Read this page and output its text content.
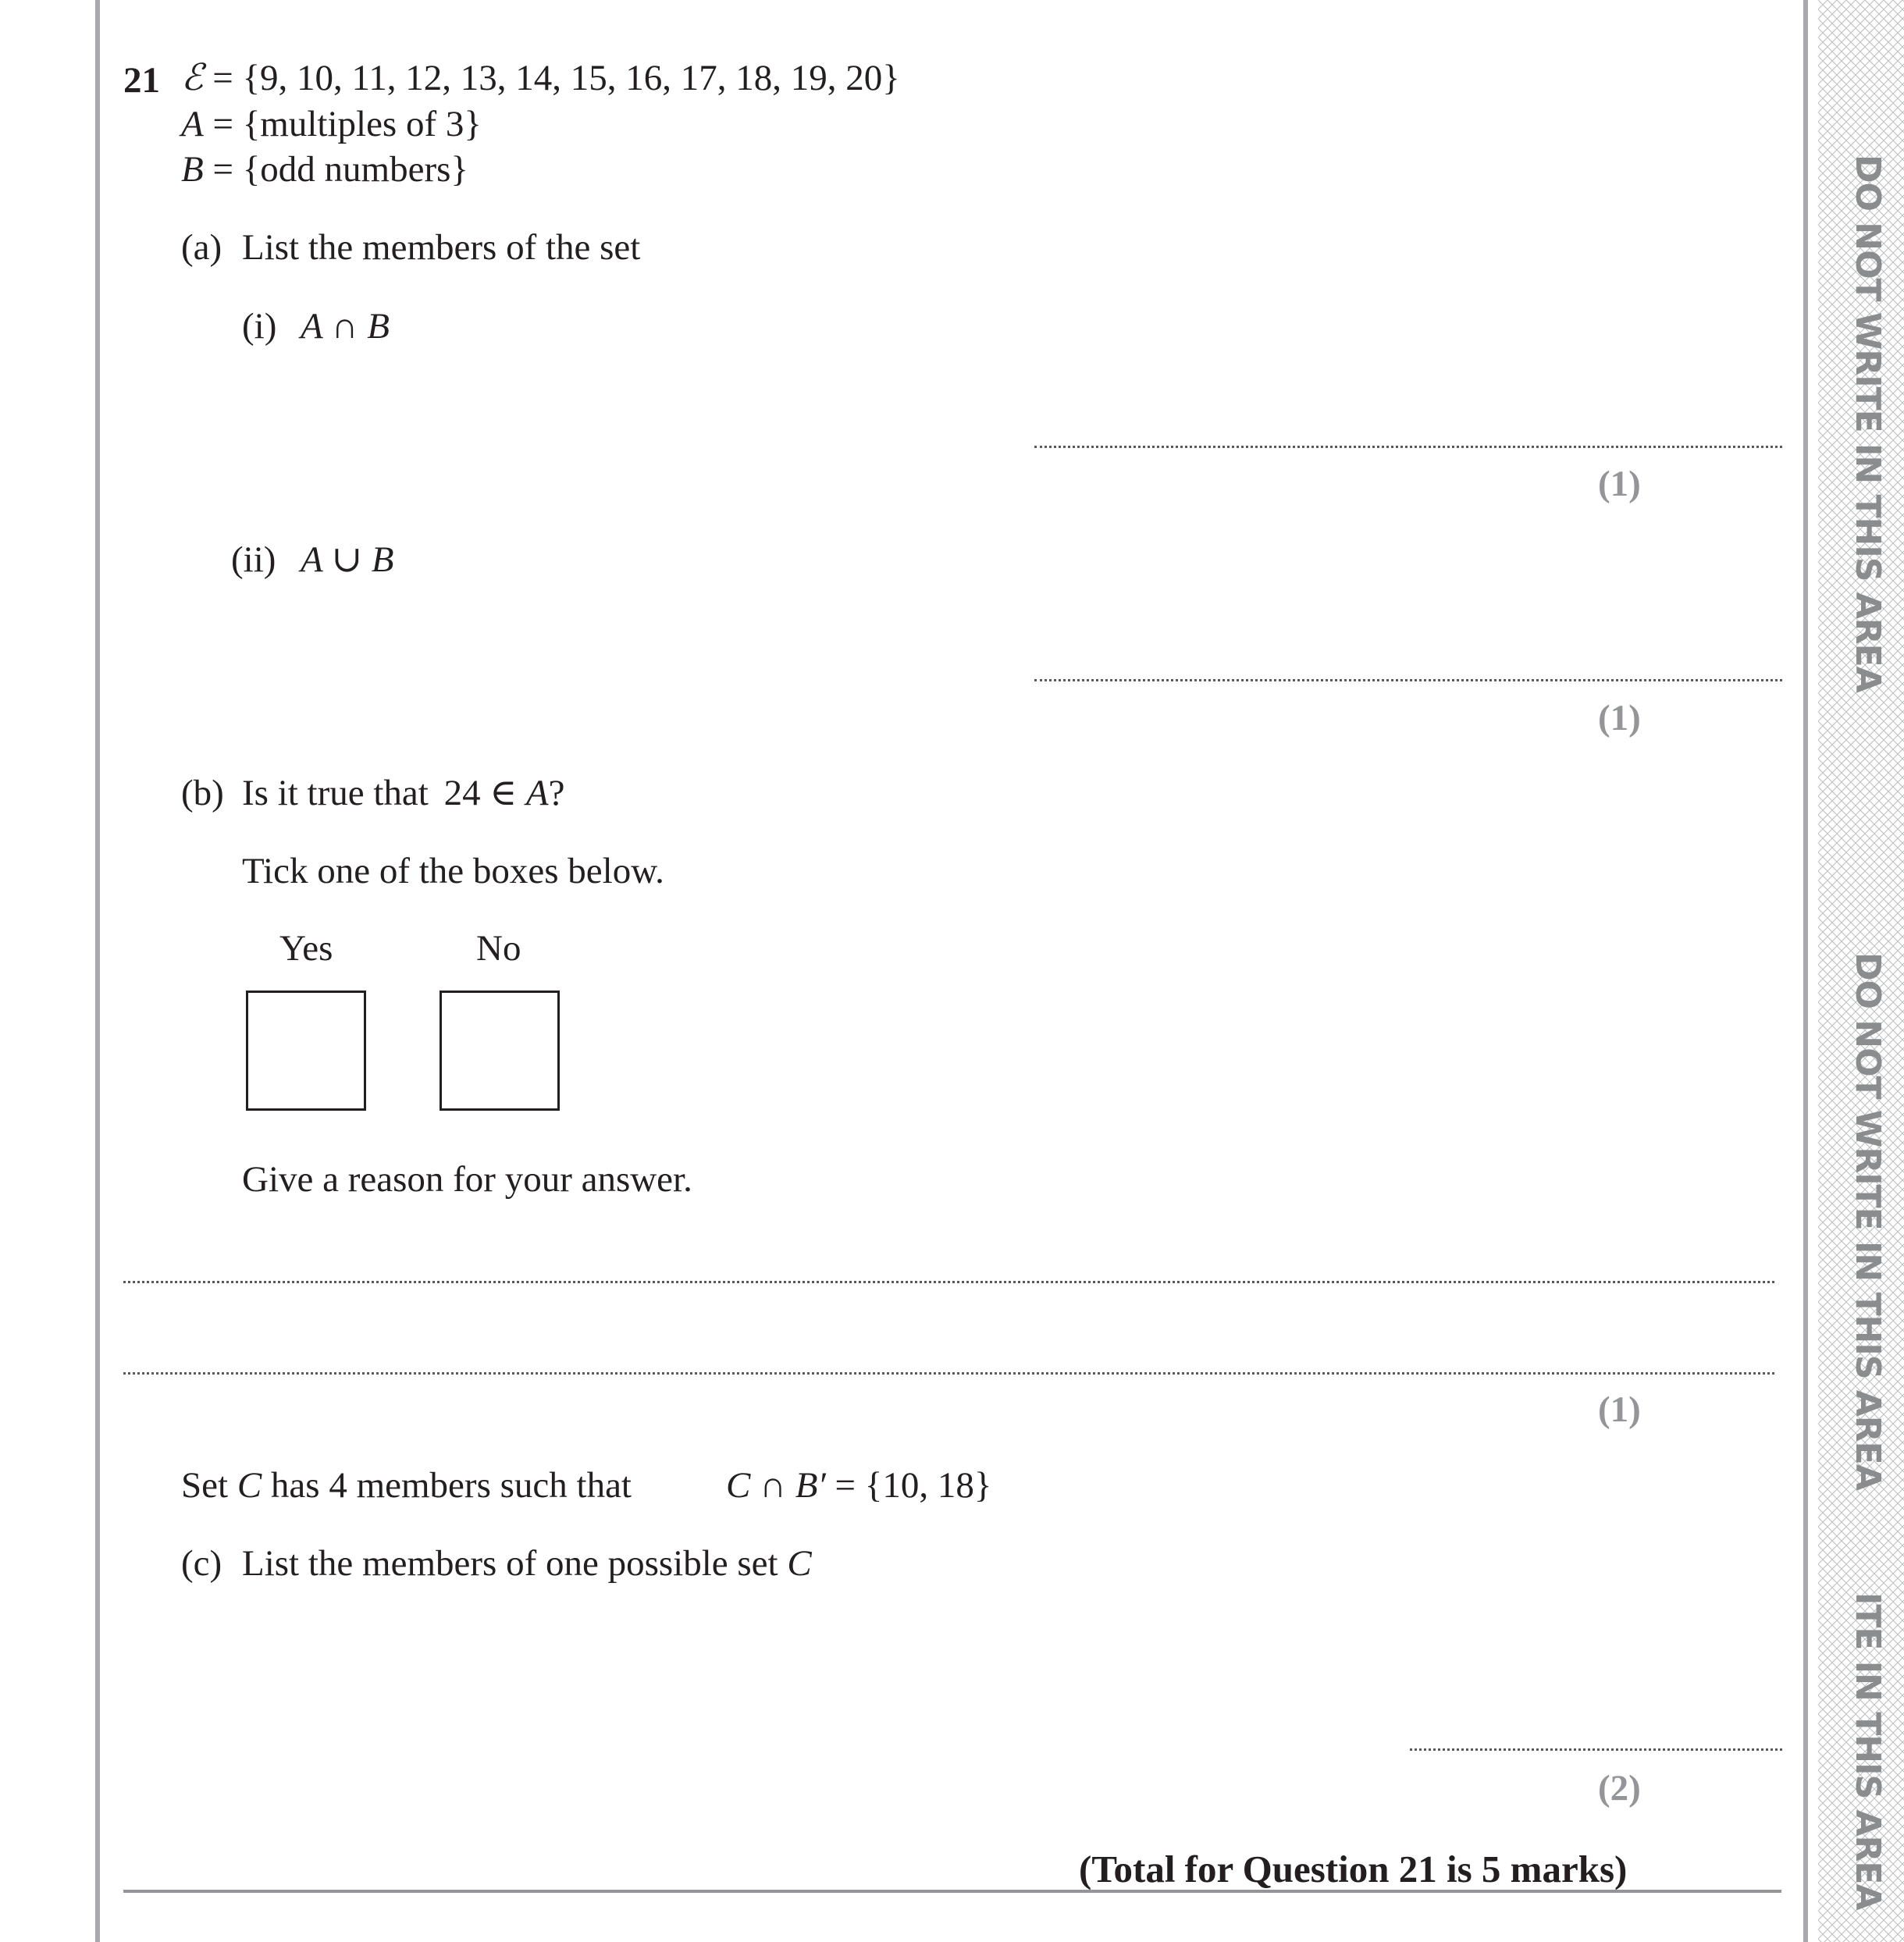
DO NOT WRITE IN THIS AREA
DO NOT WRITE IN THIS AREA
ITE IN THIS AREA
21 ℰ = {9, 10, 11, 12, 13, 14, 15, 16, 17, 18, 19, 20}
A = {multiples of 3}
B = {odd numbers}
(a) List the members of the set
(i) A ∩ B
(1)
(ii) A ∪ B
(1)
(b) Is it true that 24 ∈ A?
Tick one of the boxes below.
Yes	No
Give a reason for your answer.
(1)
Set C has 4 members such that	C ∩ B′ = {10, 18}
(c) List the members of one possible set C
(2)
(Total for Question 21 is 5 marks)
